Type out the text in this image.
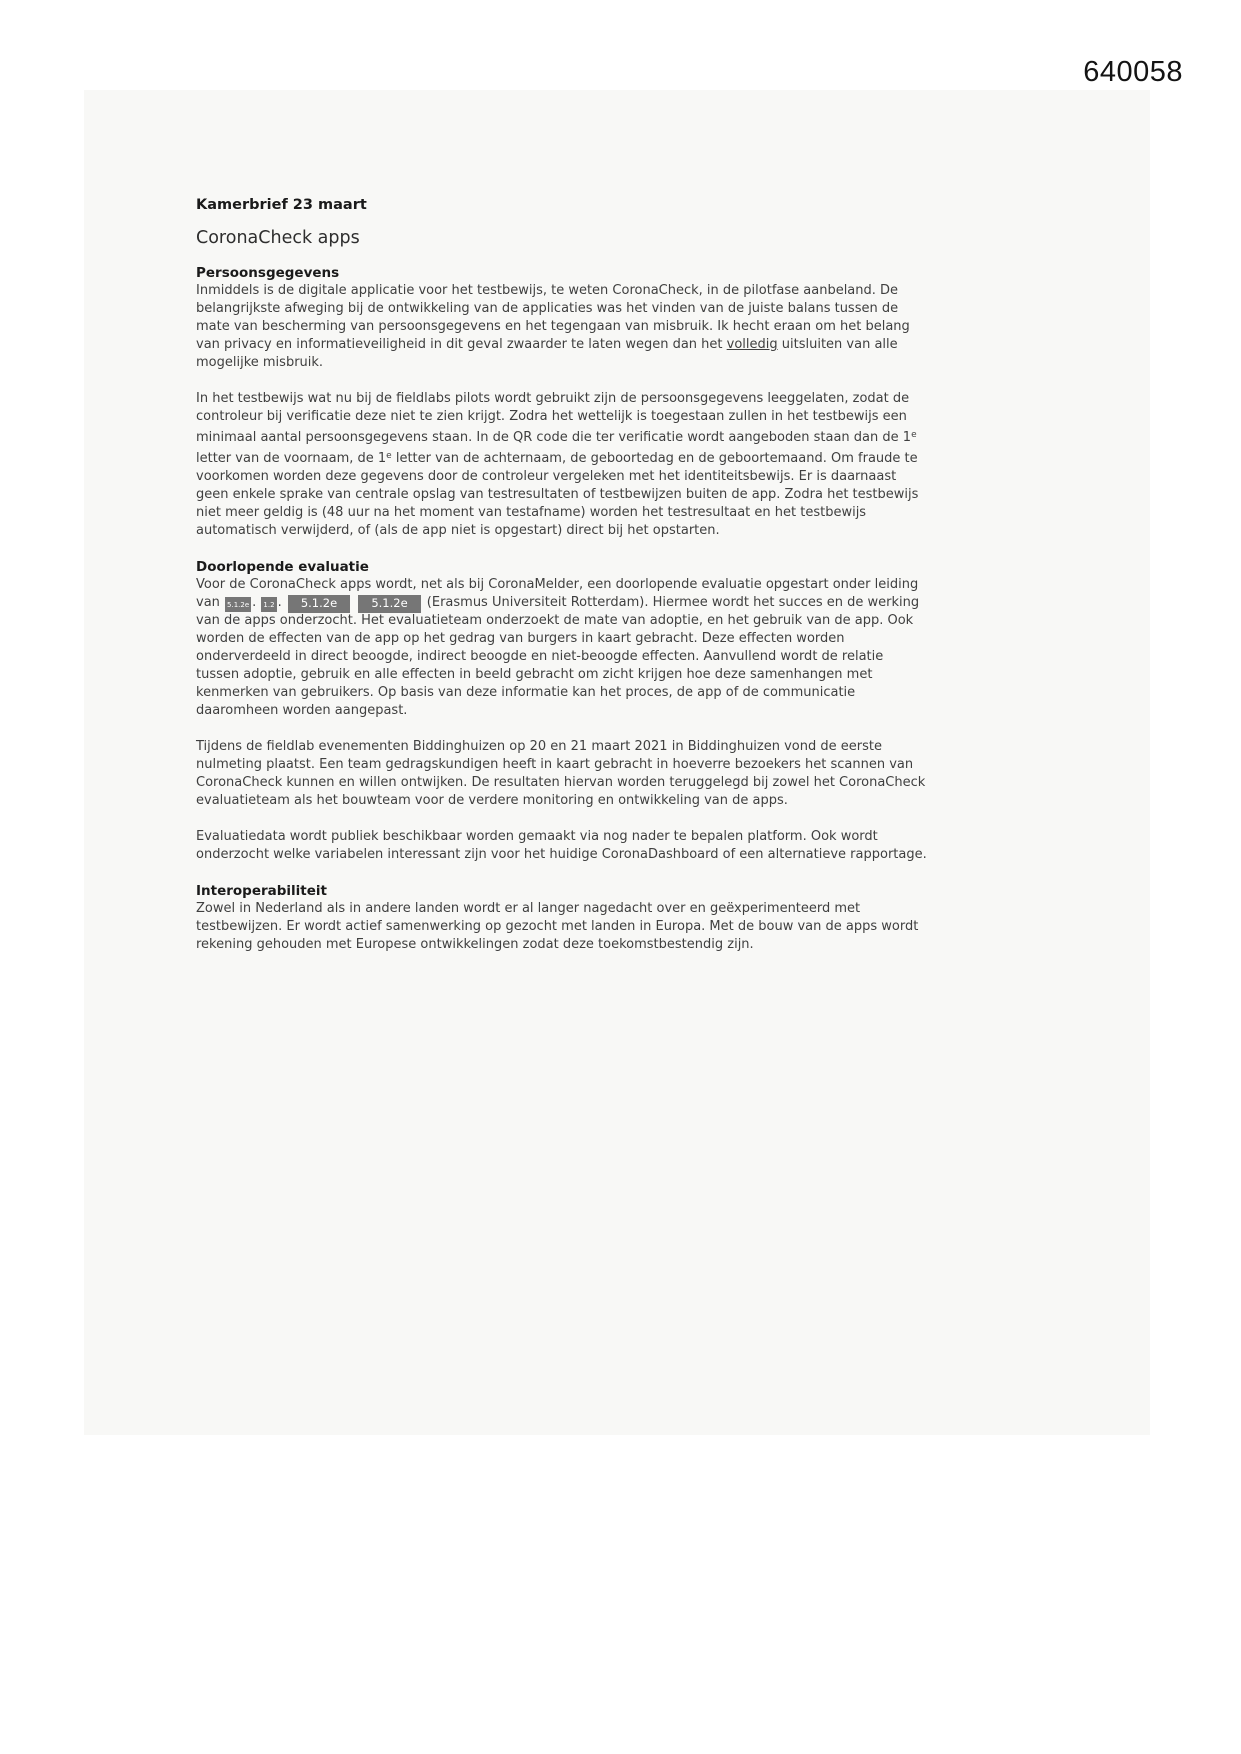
640058
Kamerbrief 23 maart
CoronaCheck apps
Persoonsgegevens

Inmiddels is de digitale applicatie voor het testbewijs, te weten CoronaCheck, in de pilotfase aanbeland. De belangrijkste afweging bij de ontwikkeling van de applicaties was het vinden van de juiste balans tussen de mate van bescherming van persoonsgegevens en het tegengaan van misbruik. Ik hecht eraan om het belang van privacy en informatieveiligheid in dit geval zwaarder te laten wegen dan het volledig uitsluiten van alle mogelijke misbruik.

In het testbewijs wat nu bij de fieldlabs pilots wordt gebruikt zijn de persoonsgegevens leeggelaten, zodat de controleur bij verificatie deze niet te zien krijgt. Zodra het wettelijk is toegestaan zullen in het testbewijs een minimaal aantal persoonsgegevens staan. In de QR code die ter verificatie wordt aangeboden staan dan de 1e letter van de voornaam, de 1e letter van de achternaam, de geboortedag en de geboortemaand. Om fraude te voorkomen worden deze gegevens door de controleur vergeleken met het identiteitsbewijs. Er is daarnaast geen enkele sprake van centrale opslag van testresultaten of testbewijzen buiten de app. Zodra het testbewijs niet meer geldig is (48 uur na het moment van testafname) worden het testresultaat en het testbewijs automatisch verwijderd, of (als de app niet is opgestart) direct bij het opstarten.

Doorlopende evaluatie

Voor de CoronaCheck apps wordt, net als bij CoronaMelder, een doorlopende evaluatie opgestart onder leiding van 5.1.2e . 1.2 . 5.1.2e	5.1.2e (Erasmus Universiteit Rotterdam). Hiermee wordt het succes en de werking van de apps onderzocht. Het evaluatieteam onderzoekt de mate van adoptie, en het gebruik van de app. Ook worden de effecten van de app op het gedrag van burgers in kaart gebracht. Deze effecten worden onderverdeeld in direct beoogde, indirect beoogde en niet-beoogde effecten. Aanvullend wordt de relatie tussen adoptie, gebruik en alle effecten in beeld gebracht om zicht krijgen hoe deze samenhangen met kenmerken van gebruikers. Op basis van deze informatie kan het proces, de app of de communicatie daaromheen worden aangepast.

Tijdens de fieldlab evenementen Biddinghuizen op 20 en 21 maart 2021 in Biddinghuizen vond de eerste nulmeting plaatst. Een team gedragskundigen heeft in kaart gebracht in hoeverre bezoekers het scannen van CoronaCheck kunnen en willen ontwijken. De resultaten hiervan worden teruggelegd bij zowel het CoronaCheck evaluatieteam als het bouwteam voor de verdere monitoring en ontwikkeling van de apps.

Evaluatiedata wordt publiek beschikbaar worden gemaakt via nog nader te bepalen platform. Ook wordt onderzocht welke variabelen interessant zijn voor het huidige CoronaDashboard of een alternatieve rapportage.

Interoperabiliteit

Zowel in Nederland als in andere landen wordt er al langer nagedacht over en geëxperimenteerd met testbewijzen. Er wordt actief samenwerking op gezocht met landen in Europa. Met de bouw van de apps wordt rekening gehouden met Europese ontwikkelingen zodat deze toekomstbestendig zijn.
